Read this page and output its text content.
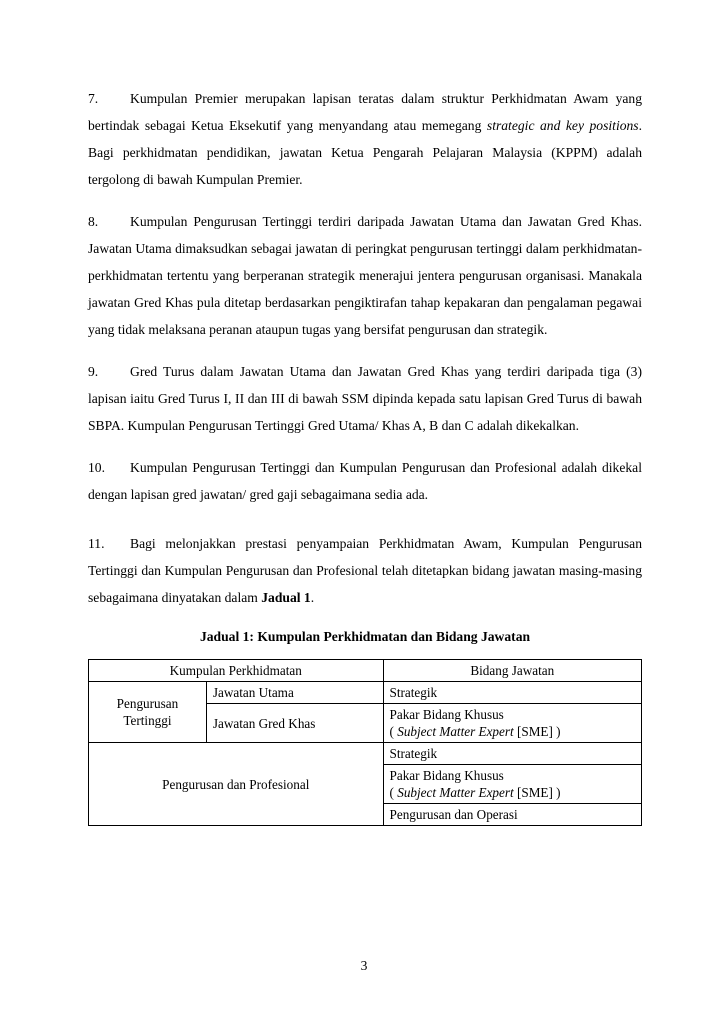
7. Kumpulan Premier merupakan lapisan teratas dalam struktur Perkhidmatan Awam yang bertindak sebagai Ketua Eksekutif yang menyandang atau memegang strategic and key positions. Bagi perkhidmatan pendidikan, jawatan Ketua Pengarah Pelajaran Malaysia (KPPM) adalah tergolong di bawah Kumpulan Premier.

8. Kumpulan Pengurusan Tertinggi terdiri daripada Jawatan Utama dan Jawatan Gred Khas. Jawatan Utama dimaksudkan sebagai jawatan di peringkat pengurusan tertinggi dalam perkhidmatan-perkhidmatan tertentu yang berperanan strategik menerajui jentera pengurusan organisasi. Manakala jawatan Gred Khas pula ditetap berdasarkan pengiktirafan tahap kepakaran dan pengalaman pegawai yang tidak melaksana peranan ataupun tugas yang bersifat pengurusan dan strategik.

9. Gred Turus dalam Jawatan Utama dan Jawatan Gred Khas yang terdiri daripada tiga (3) lapisan iaitu Gred Turus I, II dan III di bawah SSM dipinda kepada satu lapisan Gred Turus di bawah SBPA. Kumpulan Pengurusan Tertinggi Gred Utama/ Khas A, B dan C adalah dikekalkan.

10. Kumpulan Pengurusan Tertinggi dan Kumpulan Pengurusan dan Profesional adalah dikekal dengan lapisan gred jawatan/ gred gaji sebagaimana sedia ada.

11. Bagi melonjakkan prestasi penyampaian Perkhidmatan Awam, Kumpulan Pengurusan Tertinggi dan Kumpulan Pengurusan dan Profesional telah ditetapkan bidang jawatan masing-masing sebagaimana dinyatakan dalam Jadual 1.

Jadual 1: Kumpulan Perkhidmatan dan Bidang Jawatan

Kumpulan Perkhidmatan		Bidang Jawatan
Pengurusan Tertinggi	Jawatan Utama	Strategik
	Jawatan Gred Khas	Pakar Bidang Khusus
( Subject Matter Expert [SME] )
Pengurusan dan Profesional		Strategik
		Pakar Bidang Khusus
( Subject Matter Expert [SME] )
		Pengurusan dan Operasi
3
